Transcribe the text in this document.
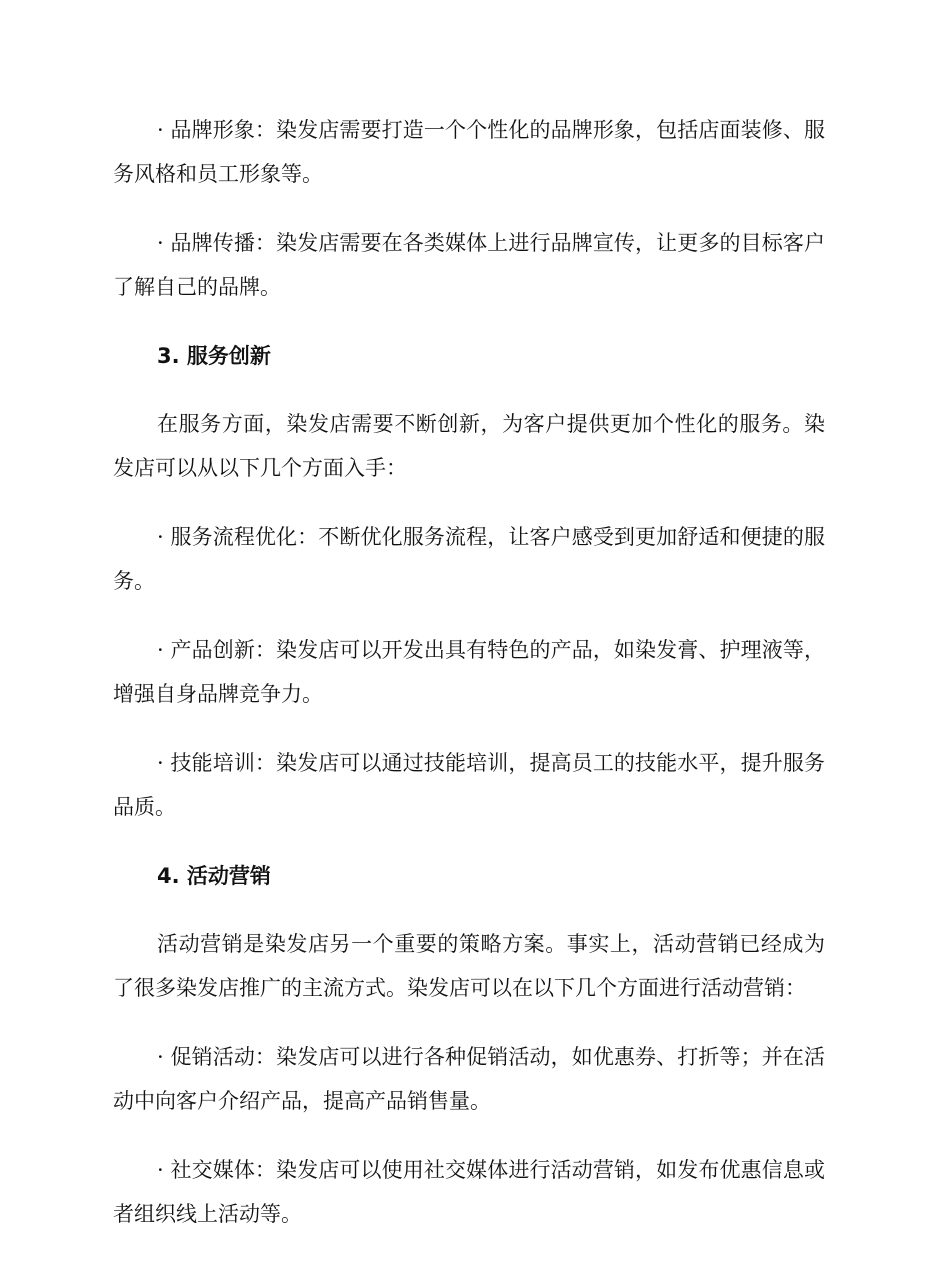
· 品牌形象：染发店需要打造一个个性化的品牌形象，包括店面装修、服务风格和员工形象等。

· 品牌传播：染发店需要在各类媒体上进行品牌宣传，让更多的目标客户了解自己的品牌。

3. 服务创新

在服务方面，染发店需要不断创新，为客户提供更加个性化的服务。染发店可以从以下几个方面入手：

· 服务流程优化：不断优化服务流程，让客户感受到更加舒适和便捷的服务。

· 产品创新：染发店可以开发出具有特色的产品，如染发膏、护理液等，增强自身品牌竞争力。

· 技能培训：染发店可以通过技能培训，提高员工的技能水平，提升服务品质。

4. 活动营销

活动营销是染发店另一个重要的策略方案。事实上，活动营销已经成为了很多染发店推广的主流方式。染发店可以在以下几个方面进行活动营销：

· 促销活动：染发店可以进行各种促销活动，如优惠券、打折等；并在活动中向客户介绍产品，提高产品销售量。

· 社交媒体：染发店可以使用社交媒体进行活动营销，如发布优惠信息或者组织线上活动等。
